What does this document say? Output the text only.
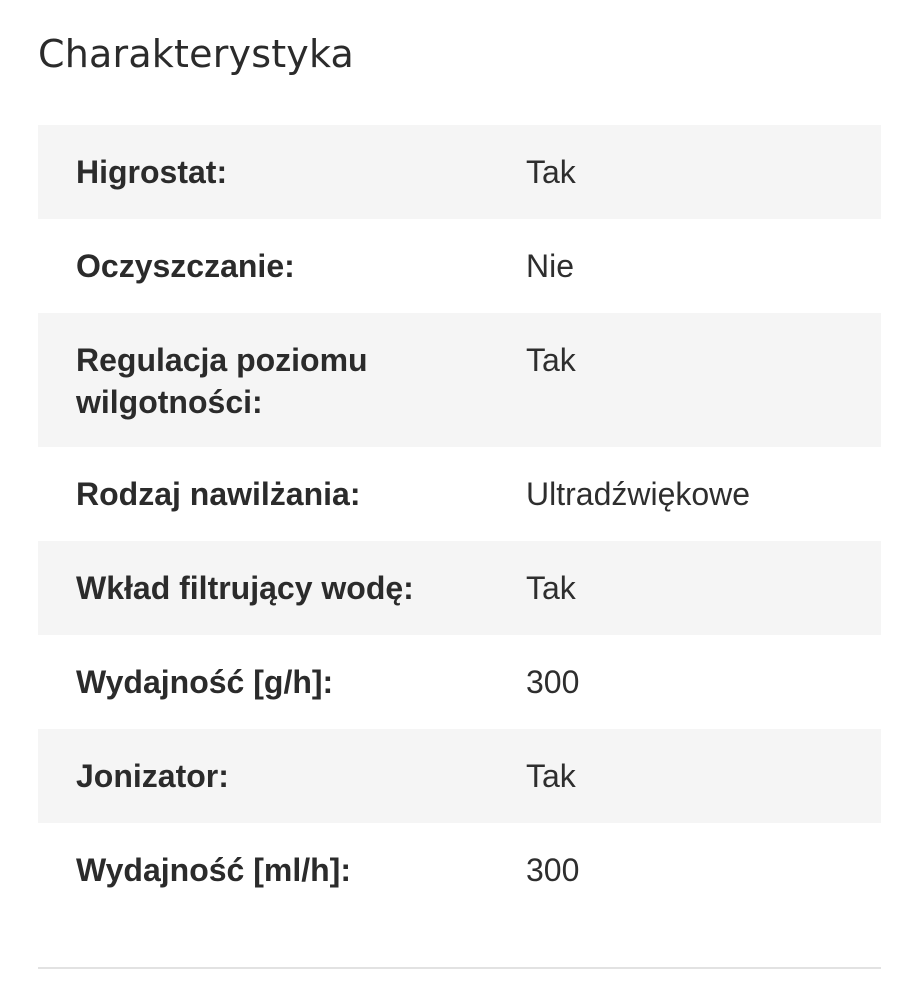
Charakterystyka
Higrostat:	Tak

Oczyszczanie:	Nie

Regulacja poziomu wilgotności:	Tak

Rodzaj nawilżania:	Ultradźwiękowe

Wkład filtrujący wodę:	Tak

Wydajność [g/h]:	300

Jonizator:	Tak

Wydajność [ml/h]:	300
